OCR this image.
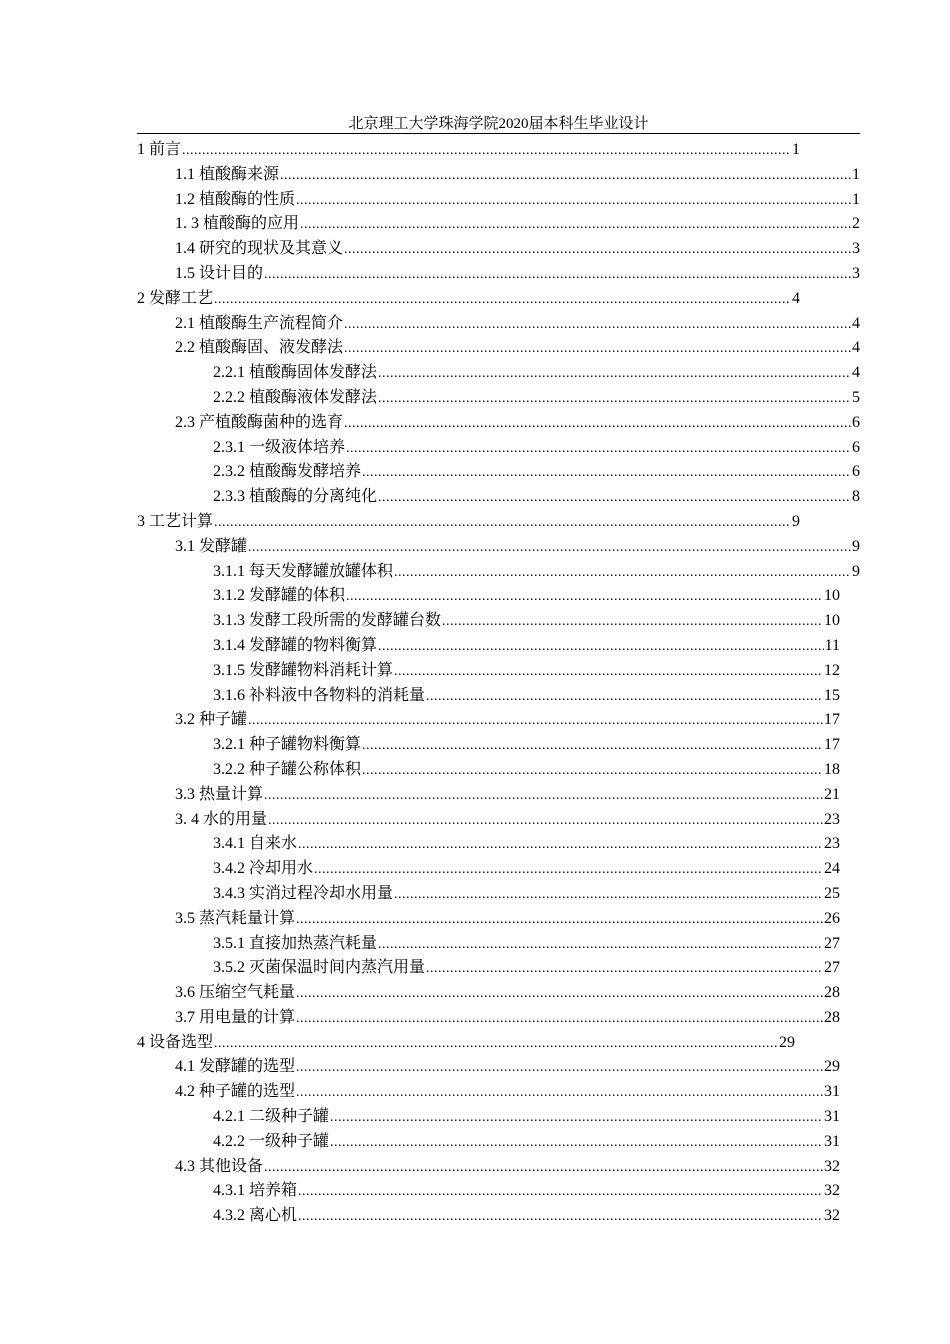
北京理工大学珠海学院2020届本科生毕业设计
1 前言 .....	1
1.1 植酸酶来源 .....	1
1.2 植酸酶的性质 .....	1
1. 3 植酸酶的应用 .....	2
1.4 研究的现状及其意义 .....	3
1.5 设计目的 .....	3
2 发酵工艺 .....	4
2.1 植酸酶生产流程简介 .....	4
2.2 植酸酶固、液发酵法 .....	4
2.2.1 植酸酶固体发酵法 .....	4
2.2.2 植酸酶液体发酵法 .....	5
2.3 产植酸酶菌种的选育 .....	6
2.3.1 一级液体培养 .....	6
2.3.2 植酸酶发酵培养 .....	6
2.3.3 植酸酶的分离纯化 .....	8
3 工艺计算 .....	9
3.1 发酵罐 .....	9
3.1.1 每天发酵罐放罐体积 .....	9
3.1.2 发酵罐的体积 .....	10
3.1.3 发酵工段所需的发酵罐台数 .....	10
3.1.4 发酵罐的物料衡算 .....	11
3.1.5 发酵罐物料消耗计算 .....	12
3.1.6 补料液中各物料的消耗量 .....	15
3.2 种子罐 .....	17
3.2.1 种子罐物料衡算 .....	17
3.2.2 种子罐公称体积 .....	18
3.3 热量计算 .....	21
3. 4 水的用量 .....	23
3.4.1 自来水 .....	23
3.4.2 冷却用水 .....	24
3.4.3 实消过程冷却水用量 .....	25
3.5 蒸汽耗量计算 .....	26
3.5.1 直接加热蒸汽耗量 .....	27
3.5.2 灭菌保温时间内蒸汽用量 .....	27
3.6 压缩空气耗量 .....	28
3.7 用电量的计算 .....	28
4 设备选型 .....	29
4.1 发酵罐的选型 .....	29
4.2 种子罐的选型 .....	31
4.2.1 二级种子罐 .....	31
4.2.2 一级种子罐 .....	31
4.3 其他设备 .....	32
4.3.1 培养箱 .....	32
4.3.2 离心机 .....	32
